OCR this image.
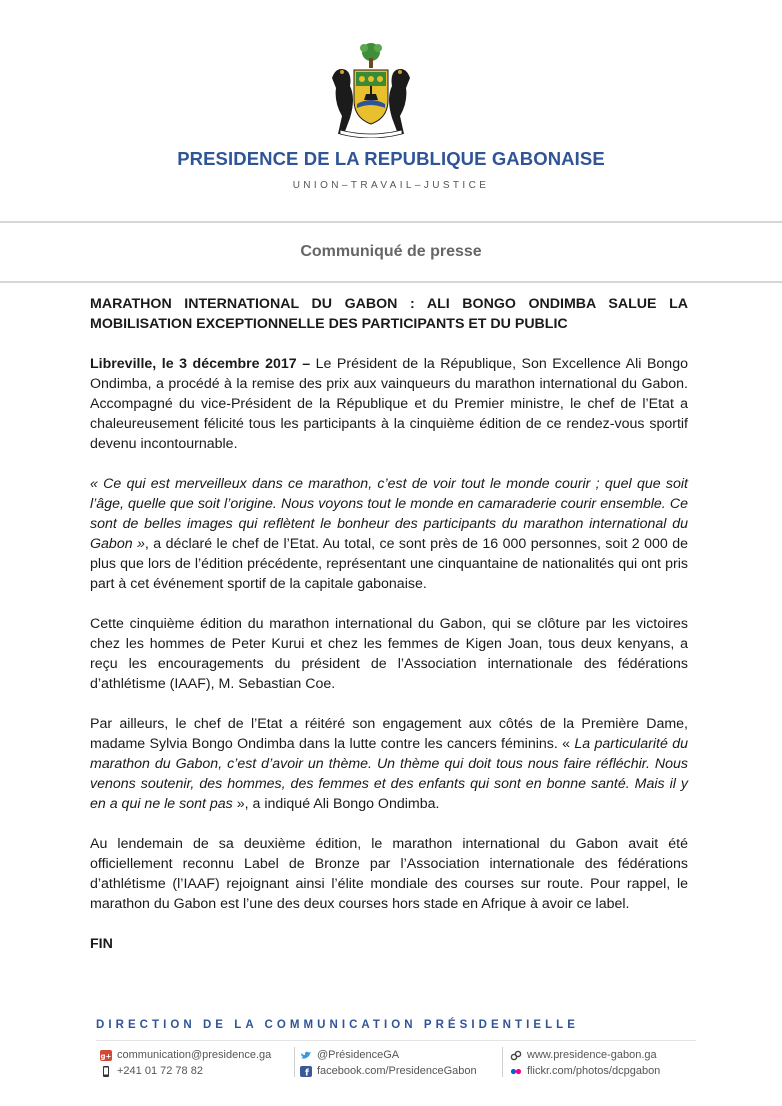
PRESIDENCE DE LA REPUBLIQUE GABONAISE
UNION–TRAVAIL–JUSTICE
Communiqué de presse

MARATHON INTERNATIONAL DU GABON : ALI BONGO ONDIMBA SALUE LA MOBILISATION EXCEPTIONNELLE DES PARTICIPANTS ET DU PUBLIC

Libreville, le 3 décembre 2017 – Le Président de la République, Son Excellence Ali Bongo Ondimba, a procédé à la remise des prix aux vainqueurs du marathon international du Gabon. Accompagné du vice-Président de la République et du Premier ministre, le chef de l’Etat a chaleureusement félicité tous les participants à la cinquième édition de ce rendez-vous sportif devenu incontournable.

« Ce qui est merveilleux dans ce marathon, c’est de voir tout le monde courir ; quel que soit l’âge, quelle que soit l’origine. Nous voyons tout le monde en camaraderie courir ensemble. Ce sont de belles images qui reflètent le bonheur des participants du marathon international du Gabon », a déclaré le chef de l’Etat. Au total, ce sont près de 16 000 personnes, soit 2 000 de plus que lors de l’édition précédente, représentant une cinquantaine de nationalités qui ont pris part à cet événement sportif de la capitale gabonaise.

Cette cinquième édition du marathon international du Gabon, qui se clôture par les victoires chez les hommes de Peter Kurui et chez les femmes de Kigen Joan, tous deux kenyans, a reçu les encouragements du président de l’Association internationale des fédérations d’athlétisme (IAAF), M. Sebastian Coe.

Par ailleurs, le chef de l’Etat a réitéré son engagement aux côtés de la Première Dame, madame Sylvia Bongo Ondimba dans la lutte contre les cancers féminins. « La particularité du marathon du Gabon, c’est d’avoir un thème. Un thème qui doit tous nous faire réfléchir. Nous venons soutenir, des hommes, des femmes et des enfants qui sont en bonne santé. Mais il y en a qui ne le sont pas », a indiqué Ali Bongo Ondimba.

Au lendemain de sa deuxième édition, le marathon international du Gabon avait été officiellement reconnu Label de Bronze par l’Association internationale des fédérations d’athlétisme (l’IAAF) rejoignant ainsi l’élite mondiale des courses sur route. Pour rappel, le marathon du Gabon est l’une des deux courses hors stade en Afrique à avoir ce label.

FIN

DIRECTION DE LA COMMUNICATION PRÉSIDENTIELLE
g+ communication@presidence.ga
+241 01 72 78 82
@PrésidenceGA
f facebook.com/PresidenceGabon
www.presidence-gabon.ga
flickr.com/photos/dcpgabon
